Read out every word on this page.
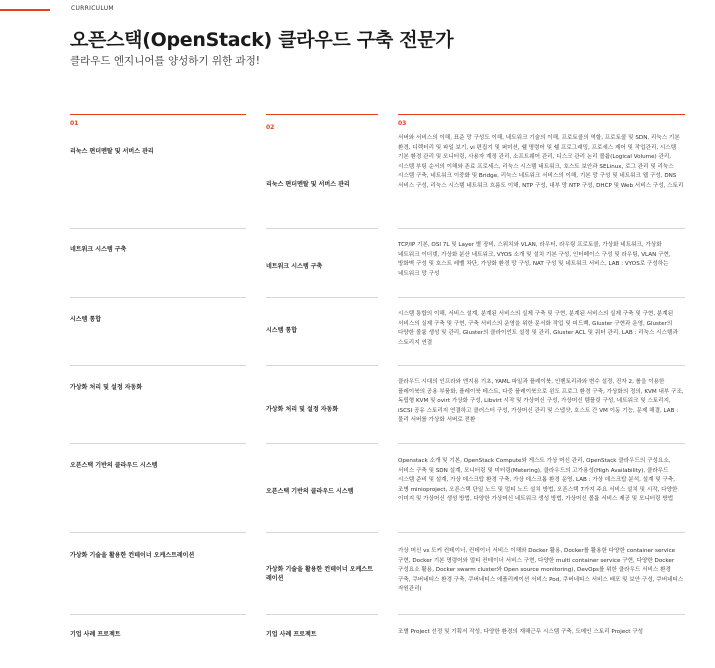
CURRICULUM
오픈스택(OpenStack) 클라우드 구축 전문가
클라우드 엔지니어를 양성하기 위한 과정!
01
02
03
리눅스 편더멘탈 및 서버스 관리
리눅스 편더멘탈 및 서버스 관리
서버와 서비스의 이해, 표준 망 구성도 이해, 네트워크 기술의 이해, 프로토콜의 역할, 프로토콜 및 SDN, 리눅스 기본 환경, 디렉터리 및 파일 보기, vi 편집기 및 퍼미션, 쉘 명령어 및 쉘 프로그래밍, 프로세스 제어 및 작업관리, 시스템 기본 환경 관리 및 모니터링, 사용자 계정 관리, 소프트웨어 관리, 디스크 관리 논리 볼륨(Logical Volume) 관리, 시스템 부팅 순서의 이해와 존료 프로세스, 리눅스 시스템 네트워크, 호스트 보안과 SELinux, 로그 관리 및 리눅스 시스템 구축, 네트워크 이중화 및 Bridge, 리눅스 네트워크 서비스의 이해, 기본 망 구성 및 네트워크 웹 구성, DNS 서비스 구성, 리눅스 시스템 네트워크 흐름도 이해, NTP 구성, 내부 망 NTP 구성, DHCP 및 Web 서비스 구성, 스토리
네트워크 시스템 구축
네트워크 시스템 구축
TCP/IP 기본, OSI 7L 및 Layer 별 장비, 스위치와 VLAN, 라우터, 라우팅 프로토콜, 가상화 네트워크, 가상화 네트워크 이더넷, 가상화 분산 네트워크, VYOS 소개 및 설치 기본 구성, 인터페이스 구성 및 라우팅, VLAN 구현, 방화벽 구성 및 호스트 레벨 차단, 가상화 환경 망 구성, NAT 구성 및 네트워크 서비스, LAB : VYOS로 구성하는 네트워크 망 구성
시스템 통합
시스템 통합
시스템 통합의 이해, 서비스 설계, 분계된 서비스의 실제 구축 및 구현, 분계된 서비스의 실제 구축 및 구현, 분계된 서비스의 실제 구축 및 구현, 구축 서비스의 운영을 위한 문서화 작업 및 피드백, Gluster 구현과 운영, Gluster의 다양한 볼륨 생성 및 관리, Gluster의 클라이언트 설정 및 관리, Gluster ACL 및 쿼터 관리, LAB : 리눅스 시스템과 스토리지 연결
가상화 처리 및 설정 자동화
가상화 처리 및 설정 자동화
클라우드 시대의 인프라와 엔지용 기초, YAML 파일과 플레이북, 인벤토리과와 변수 설정, 진자 2, 롤을 이용한 플레이북의 공용 부품화, 플레이북 테스트, 다중 플레이북으로 윈도 프로그 환경 구축, 가상화의 정의, KVM 내부 구조, 독립형 KVM 및 ovirt 가상화 구성, Libvirt 시작 및 가상머신 구성, 가상머신 템플릿 구성, 네트워크 및 스토리지, iSCSI 공유 스토리지 연결하고 클러스터 구성, 가상머신 관리 및 스냅샷, 호스트 간 VM 이동 기능, 문제 해결, LAB : 물리 서버를 가상화 서버로 전환
오픈스택 기반의 클라우드 시스템
오픈스택 기반의 클라우드 시스템
Openstack 소개 및 기본, OpenStack Compute와 게스트 가상 머신 관리, OpenStack 클라우드의 구성요소, 서비스 구축 및 SDN 설계, 모니터링 및 미터링(Metering), 클라우드의 고가용성(High Availability), 클라우드 시스템 준비 및 설계, 가상 데스크탑 환경 구축, 가상 데스크톱 환경 운영, LAB : 가상 데스크탑 분석, 설계 및 구축, 조병 minioproject, 오픈스택 단일 노드 및 멀티 노드 설치 방법, 오픈스택 7가지 주요 서비스 설치 및 시작, 다양한 이미지 및 가상머신 생성 방법, 다양한 가상머신 네트워크 생성 방법, 가상머신 볼륨 서비스 제공 및 모니터링 방법
가상화 기술을 활용한 컨테이너 오케스트레이션
가상화 기술을 활용한 컨테이너 오케스트레이션
가상 머신 vs 도커 컨테이너, 컨테이너 서비스 이해와 Docker 활용, Docker를 활용한 다양한 container service 구현, Docker 기본 명령어와 멀티 컨테이너 서비스 구현, 다양한 multi container service 구현, 다양한 Docker 구성요소 활용, Docker swarm cluster와 Open source monitoring), DevOps를 위한 클라우드 서비스 환경 구축, 쿠버네티스 환경 구축, 쿠버네티스 애플리케이션 서비스 Pod, 쿠버네티스 서비스 배포 및 보안 구성, 쿠버네티스 자원관리(
기업 사례 프로젝트	기업 사례 프로젝트	조별 Project 선정 및 기획서 작성, 다양한 환경의 재해근무 시스템 구축, 도메인 스토리 Project 구성
